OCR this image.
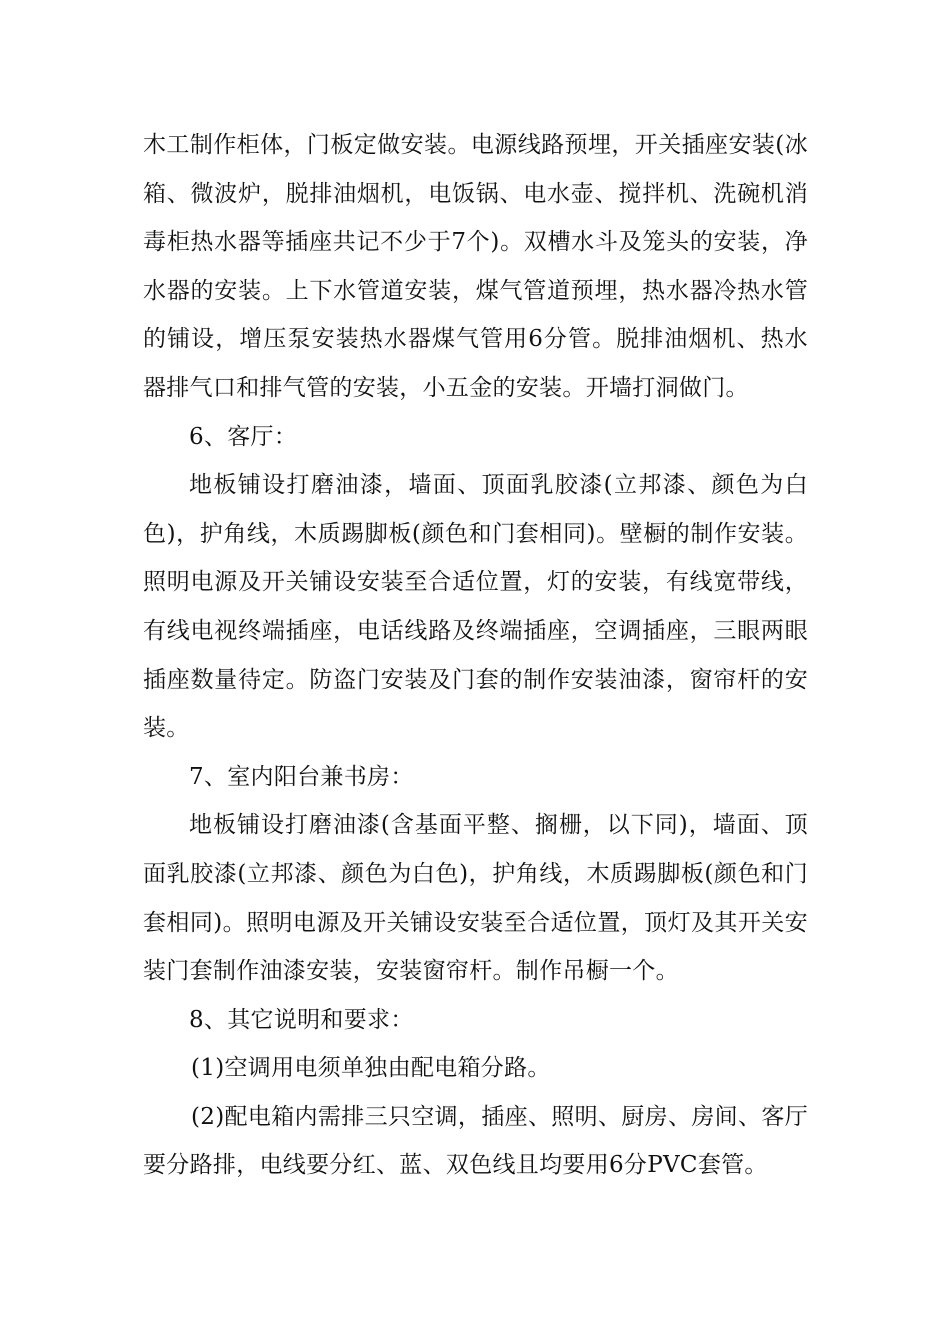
木工制作柜体，门板定做安装。电源线路预埋，开关插座安装(冰箱、微波炉，脱排油烟机，电饭锅、电水壶、搅拌机、洗碗机消毒柜热水器等插座共记不少于7个)。双槽水斗及笼头的安装，净水器的安装。上下水管道安装，煤气管道预埋，热水器冷热水管的铺设，增压泵安装热水器煤气管用6分管。脱排油烟机、热水器排气口和排气管的安装，小五金的安装。开墙打洞做门。

6、客厅：

地板铺设打磨油漆，墙面、顶面乳胶漆(立邦漆、颜色为白色)，护角线，木质踢脚板(颜色和门套相同)。壁橱的制作安装。照明电源及开关铺设安装至合适位置，灯的安装，有线宽带线，有线电视终端插座，电话线路及终端插座，空调插座，三眼两眼插座数量待定。防盗门安装及门套的制作安装油漆，窗帘杆的安装。

7、室内阳台兼书房：

地板铺设打磨油漆(含基面平整、搁栅，以下同)，墙面、顶面乳胶漆(立邦漆、颜色为白色)，护角线，木质踢脚板(颜色和门套相同)。照明电源及开关铺设安装至合适位置，顶灯及其开关安装门套制作油漆安装，安装窗帘杆。制作吊橱一个。

8、其它说明和要求：

(1)空调用电须单独由配电箱分路。

(2)配电箱内需排三只空调，插座、照明、厨房、房间、客厅要分路排，电线要分红、蓝、双色线且均要用6分PVC套管。
